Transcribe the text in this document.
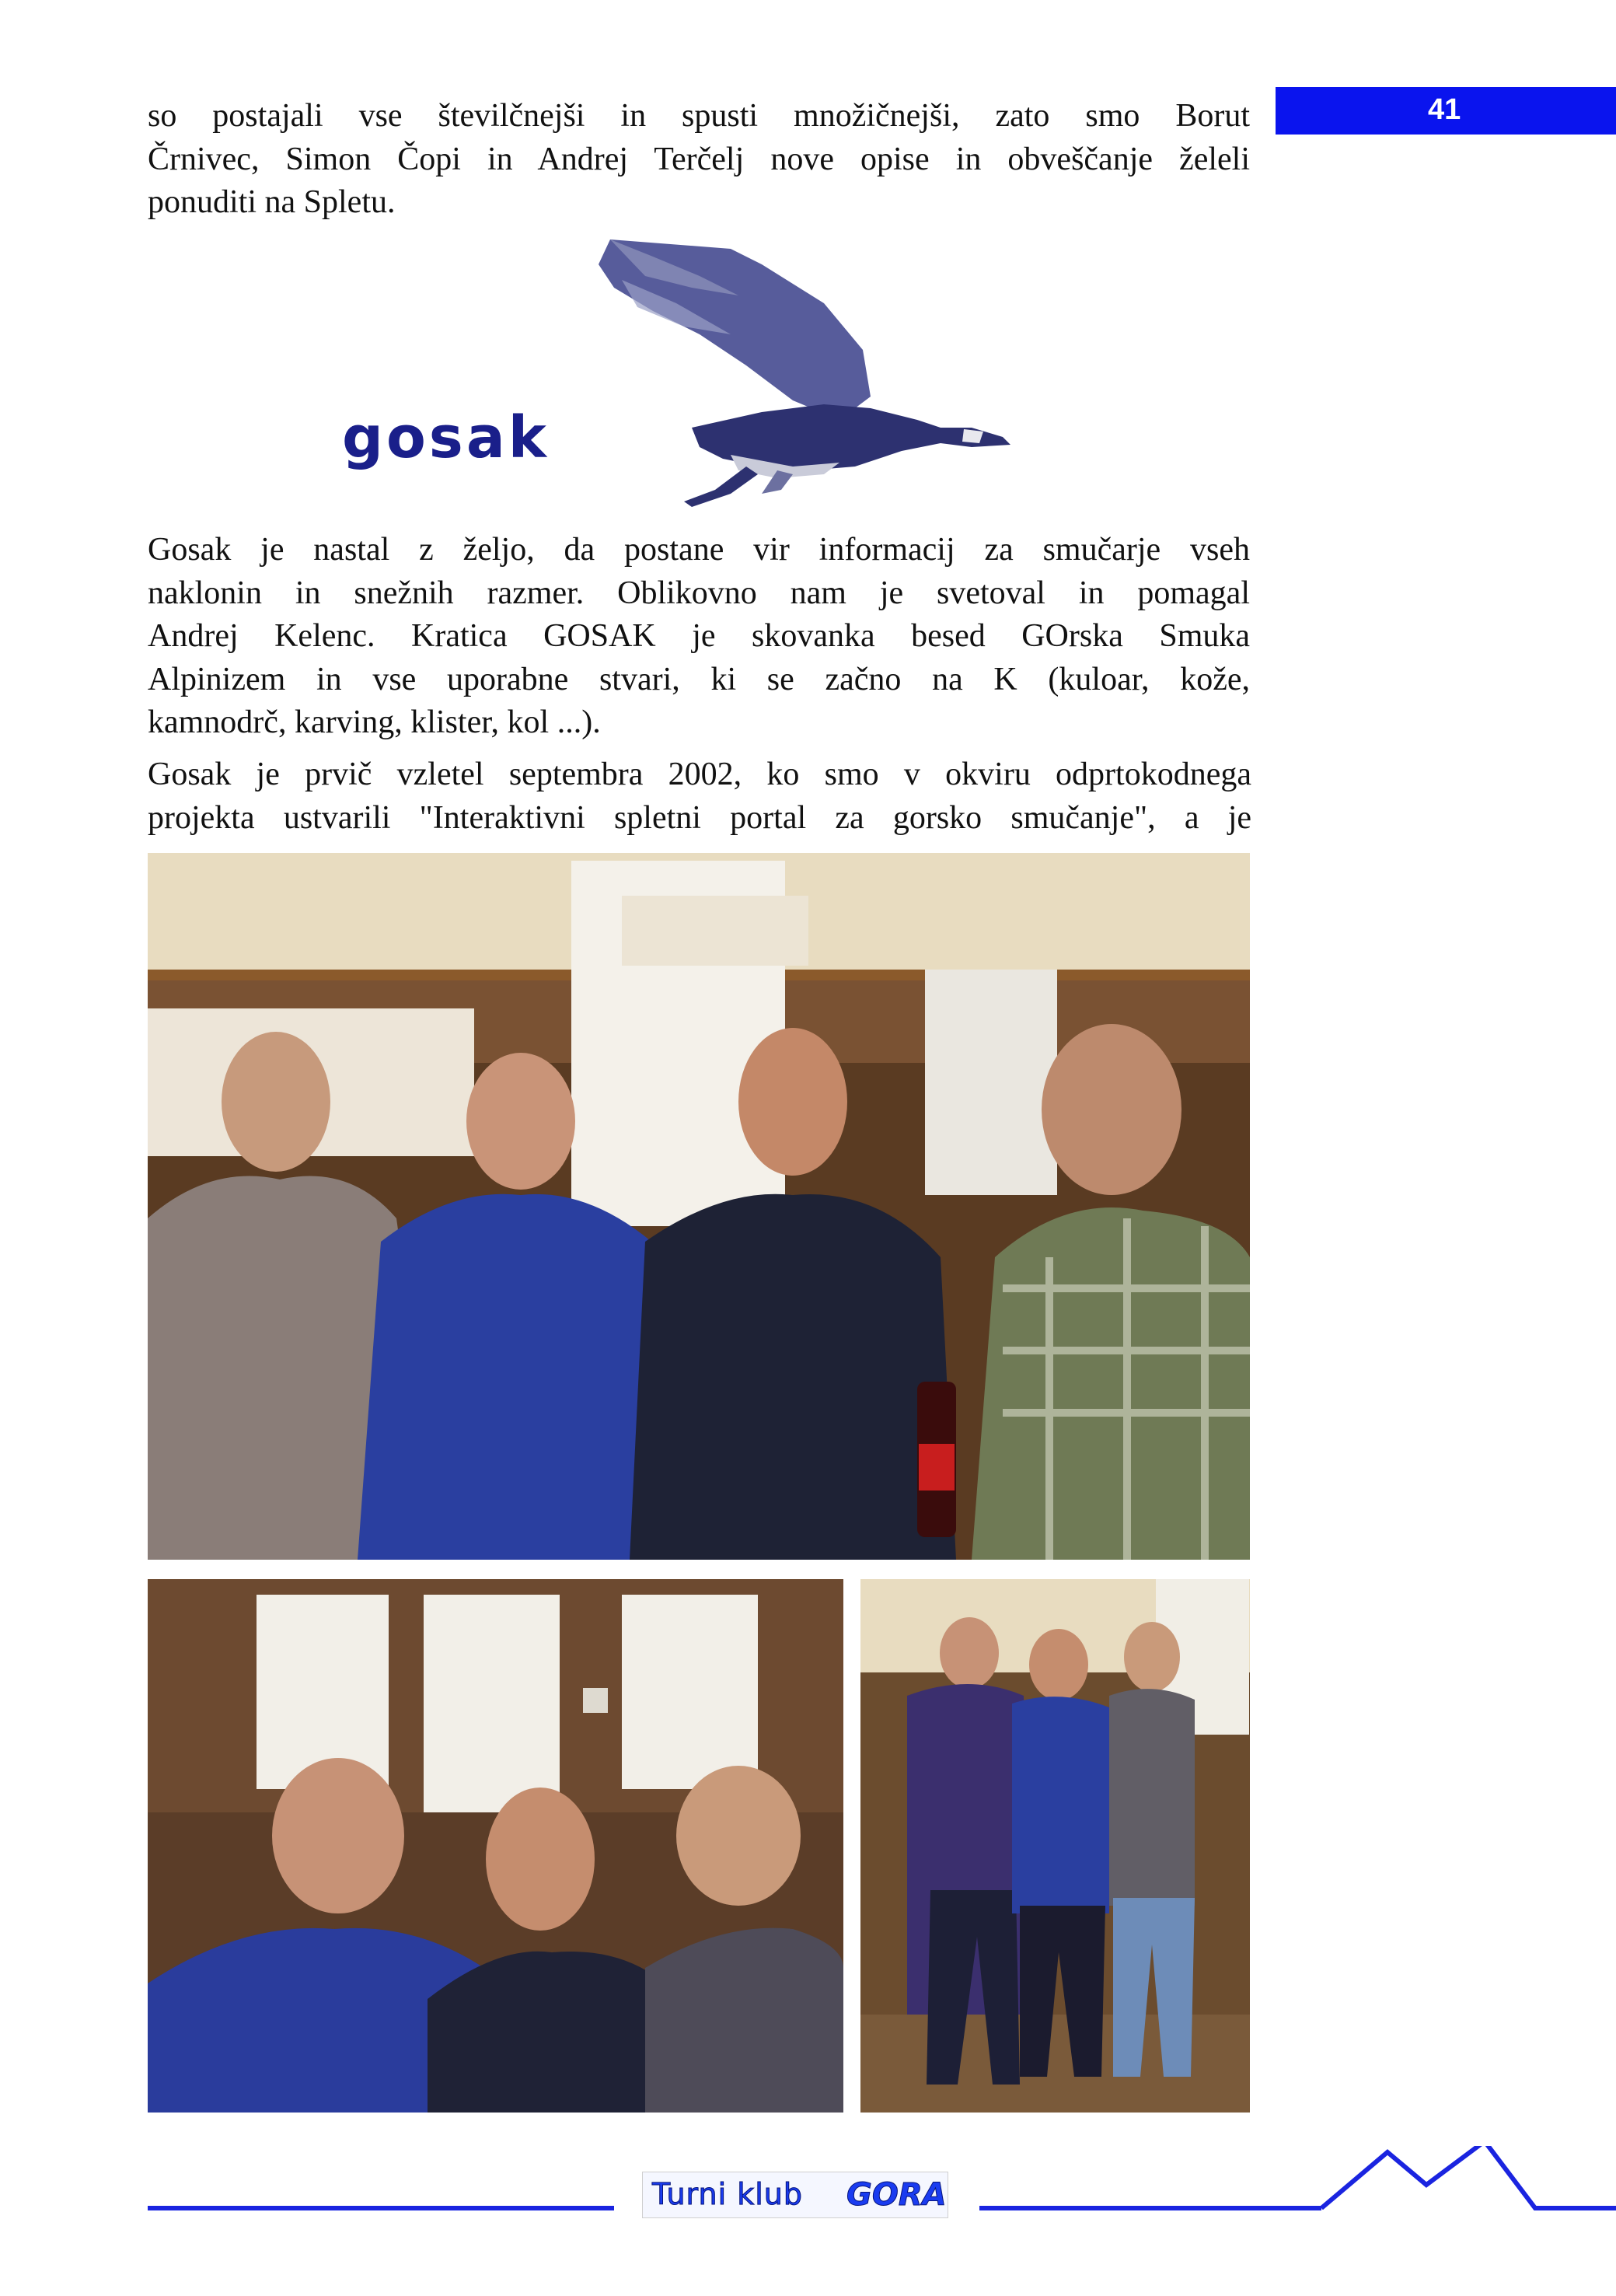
41
so postajali vse številčnejši in spusti množičnejši, zato smo Borut
Črnivec, Simon Čopi in Andrej Terčelj nove opise in obveščanje želeli
ponuditi na Spletu.
gosak
Gosak je nastal z željo, da postane vir informacij za smučarje vseh
naklonin in snežnih razmer. Oblikovno nam je svetoval in pomagal
Andrej Kelenc. Kratica GOSAK je skovanka besed GOrska Smuka
Alpinizem in vse uporabne stvari, ki se začno na K (kuloar, kože,
kamnodrč, karving, klister, kol ...).
Gosak je prvič vzletel septembra 2002, ko smo v okviru odprtokodnega
projekta ustvarili "Interaktivni spletni portal za gorsko smučanje", a je
Turni klub GORA
